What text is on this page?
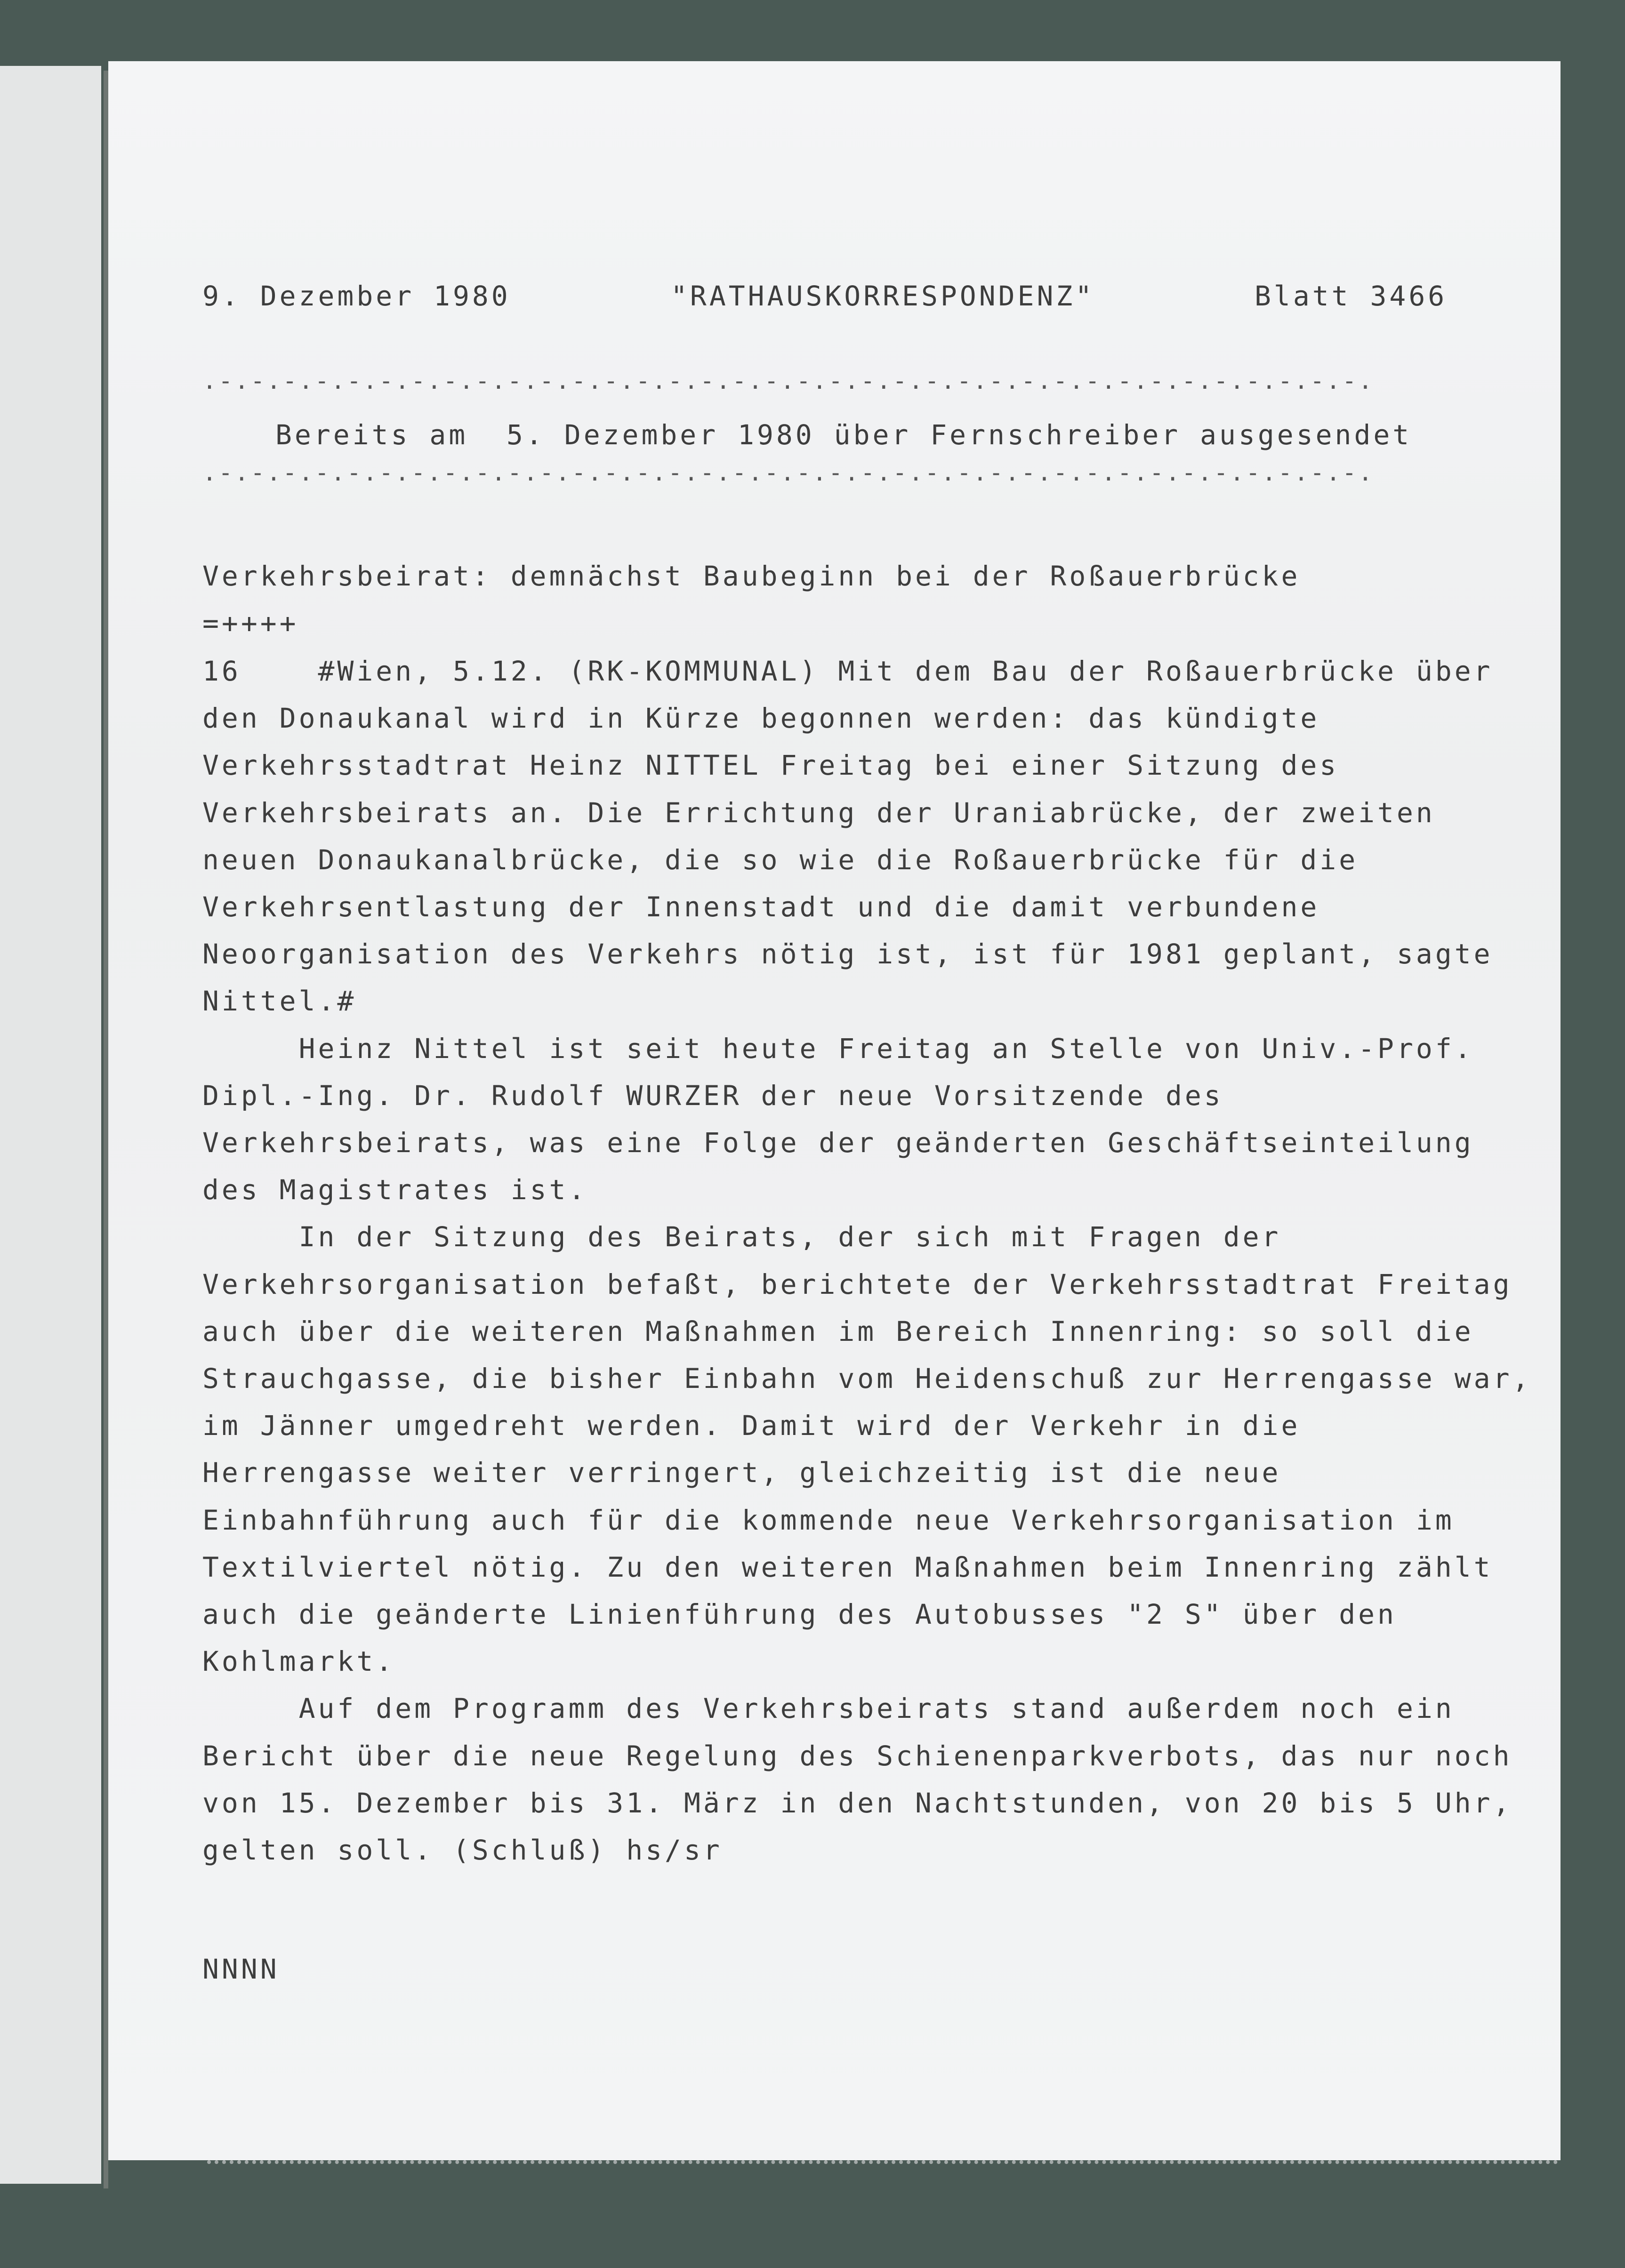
9. Dezember 1980

	"RATHAUSKORRESPONDENZ"

	Blatt 3466

.-.-.-.-.-.-.-.-.-.-.-.-.-.-.-.-.-.-.-.-.-.-.-.-.-.-.-.-.-.-.-.-.-.-.-.-.

Bereits am  5. Dezember 1980 über Fernschreiber ausgesendet

.-.-.-.-.-.-.-.-.-.-.-.-.-.-.-.-.-.-.-.-.-.-.-.-.-.-.-.-.-.-.-.-.-.-.-.-.

Verkehrsbeirat: demnächst Baubeginn bei der Roßauerbrücke

=++++

16    #Wien, 5.12. (RK-KOMMUNAL) Mit dem Bau der Roßauerbrücke über
den Donaukanal wird in Kürze begonnen werden: das kündigte
Verkehrsstadtrat Heinz NITTEL Freitag bei einer Sitzung des
Verkehrsbeirats an. Die Errichtung der Uraniabrücke, der zweiten
neuen Donaukanalbrücke, die so wie die Roßauerbrücke für die
Verkehrsentlastung der Innenstadt und die damit verbundene
Neoorganisation des Verkehrs nötig ist, ist für 1981 geplant, sagte
Nittel.#
Heinz Nittel ist seit heute Freitag an Stelle von Univ.-Prof.
Dipl.-Ing. Dr. Rudolf WURZER der neue Vorsitzende des
Verkehrsbeirats, was eine Folge der geänderten Geschäftseinteilung
des Magistrates ist.
In der Sitzung des Beirats, der sich mit Fragen der
Verkehrsorganisation befaßt, berichtete der Verkehrsstadtrat Freitag
auch über die weiteren Maßnahmen im Bereich Innenring: so soll die
Strauchgasse, die bisher Einbahn vom Heidenschuß zur Herrengasse war,
im Jänner umgedreht werden. Damit wird der Verkehr in die
Herrengasse weiter verringert, gleichzeitig ist die neue
Einbahnführung auch für die kommende neue Verkehrsorganisation im
Textilviertel nötig. Zu den weiteren Maßnahmen beim Innenring zählt
auch die geänderte Linienführung des Autobusses "2 S" über den
Kohlmarkt.
Auf dem Programm des Verkehrsbeirats stand außerdem noch ein
Bericht über die neue Regelung des Schienenparkverbots, das nur noch
von 15. Dezember bis 31. März in den Nachtstunden, von 20 bis 5 Uhr,
gelten soll. (Schluß) hs/sr

NNNN
